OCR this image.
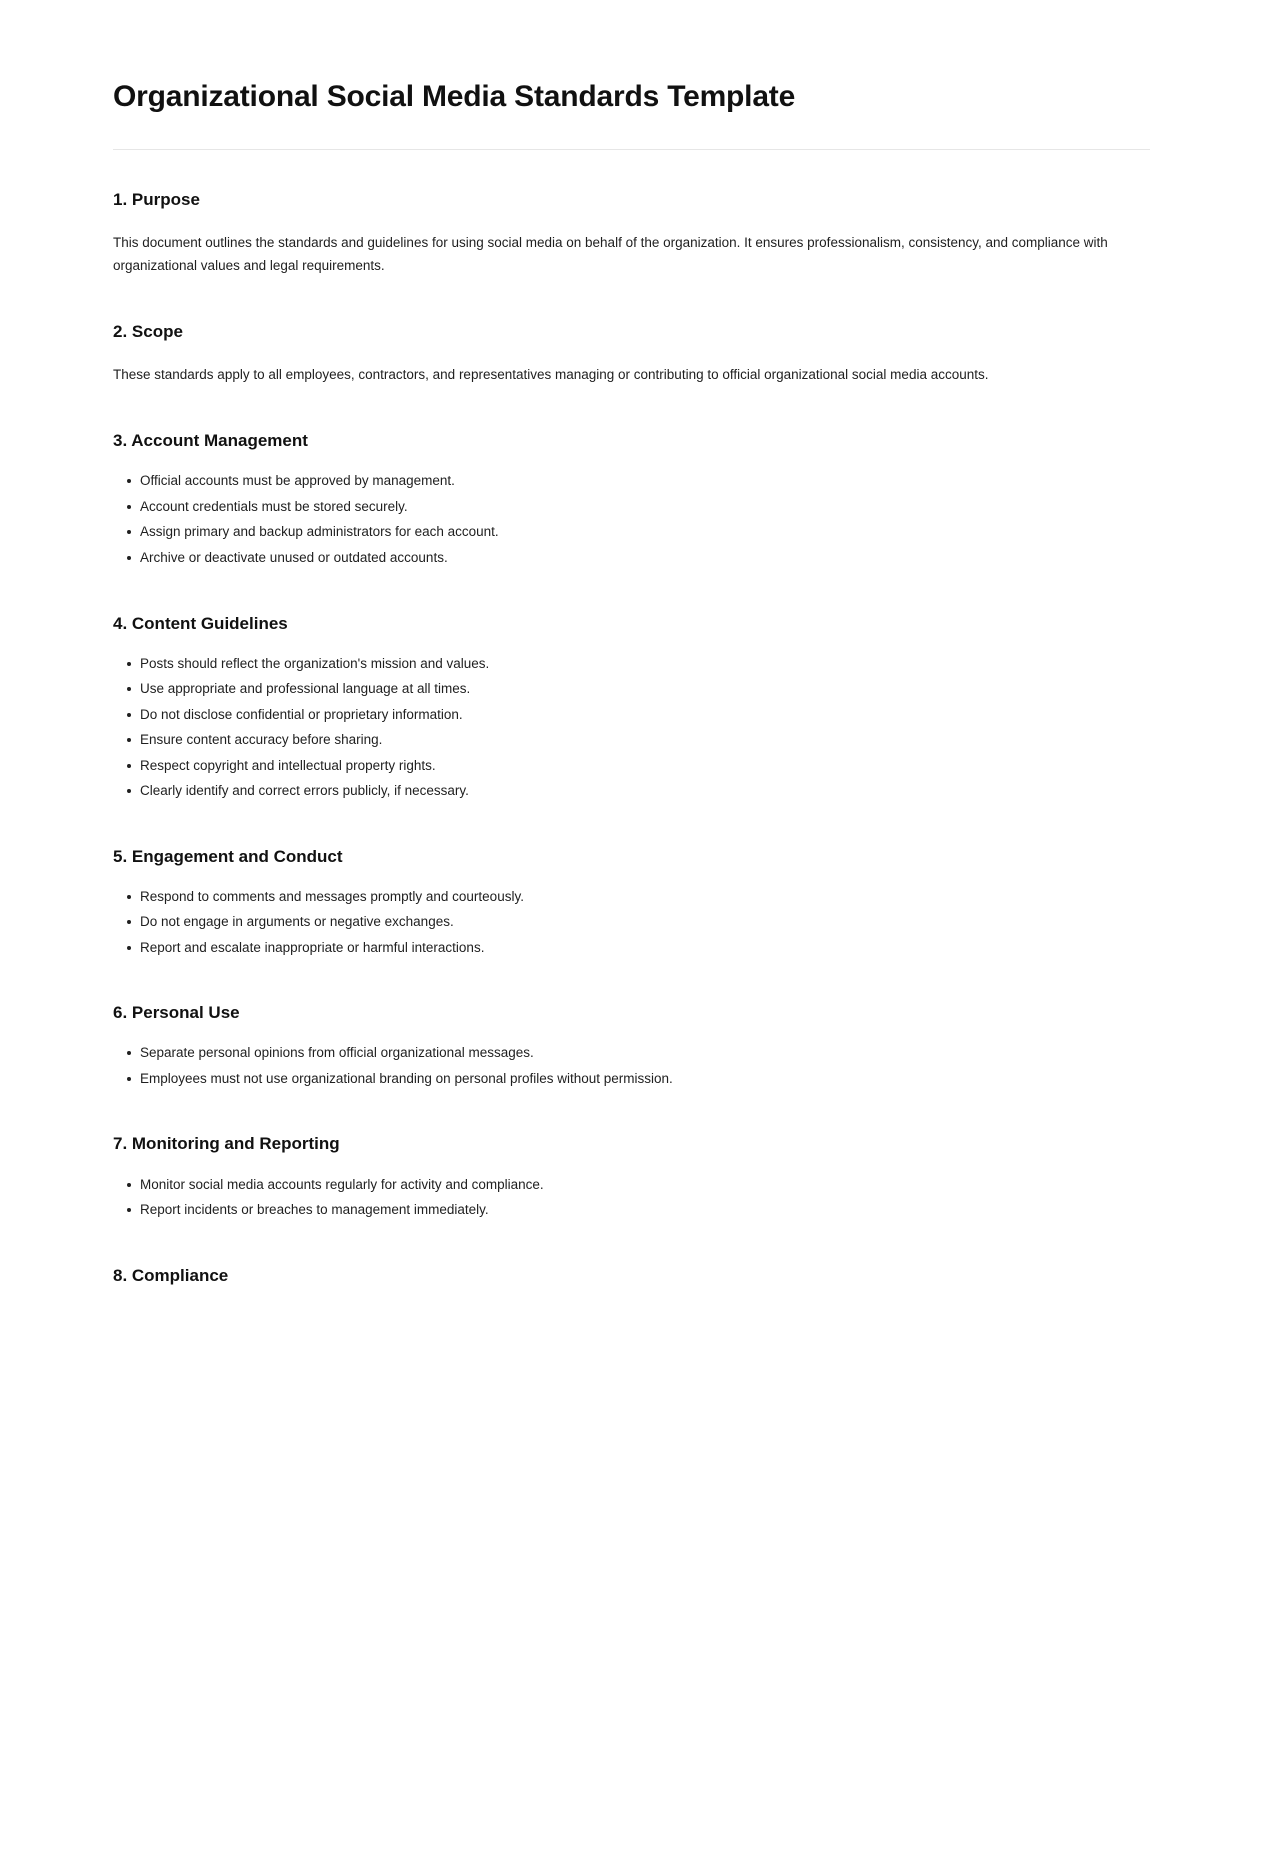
Organizational Social Media Standards Template
1. Purpose

This document outlines the standards and guidelines for using social media on behalf of the organization. It ensures professionalism, consistency, and compliance with organizational values and legal requirements.

2. Scope

These standards apply to all employees, contractors, and representatives managing or contributing to official organizational social media accounts.

3. Account Management
Official accounts must be approved by management.
Account credentials must be stored securely.
Assign primary and backup administrators for each account.
Archive or deactivate unused or outdated accounts.
4. Content Guidelines
Posts should reflect the organization's mission and values.
Use appropriate and professional language at all times.
Do not disclose confidential or proprietary information.
Ensure content accuracy before sharing.
Respect copyright and intellectual property rights.
Clearly identify and correct errors publicly, if necessary.
5. Engagement and Conduct
Respond to comments and messages promptly and courteously.
Do not engage in arguments or negative exchanges.
Report and escalate inappropriate or harmful interactions.
6. Personal Use
Separate personal opinions from official organizational messages.
Employees must not use organizational branding on personal profiles without permission.
7. Monitoring and Reporting
Monitor social media accounts regularly for activity and compliance.
Report incidents or breaches to management immediately.
8. Compliance
